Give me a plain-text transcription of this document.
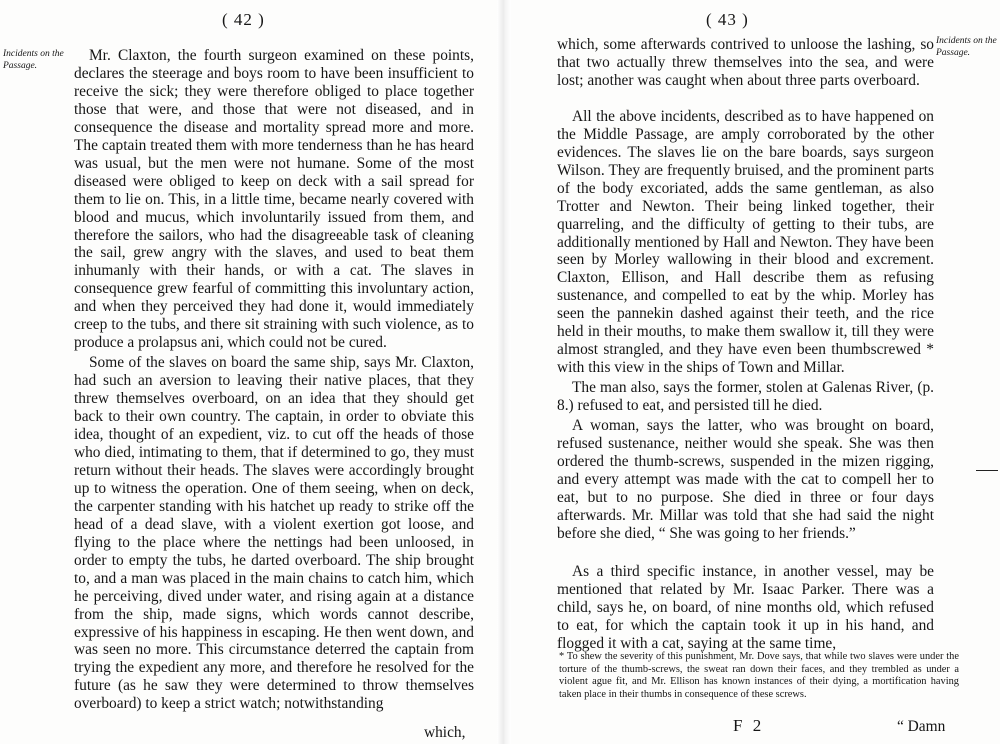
( 42 )
Incidents on the Passage.

Mr. Claxton, the fourth surgeon examined on these points, declares the steerage and boys room to have been insufficient to receive the sick; they were therefore obliged to place together those that were, and those that were not diseased, and in consequence the disease and mortality spread more and more. The captain treated them with more tenderness than he has heard was usual, but the men were not humane. Some of the most diseased were obliged to keep on deck with a sail spread for them to lie on. This, in a little time, became nearly covered with blood and mucus, which involuntarily issued from them, and therefore the sailors, who had the disagreeable task of cleaning the sail, grew angry with the slaves, and used to beat them inhumanly with their hands, or with a cat. The slaves in consequence grew fearful of committing this involuntary action, and when they perceived they had done it, would immediately creep to the tubs, and there sit straining with such violence, as to produce a prolapsus ani, which could not be cured.

Some of the slaves on board the same ship, says Mr. Claxton, had such an aversion to leaving their native places, that they threw themselves overboard, on an idea that they should get back to their own country. The captain, in order to obviate this idea, thought of an expedient, viz. to cut off the heads of those who died, intimating to them, that if determined to go, they must return without their heads. The slaves were accordingly brought up to witness the operation. One of them seeing, when on deck, the carpenter standing with his hatchet up ready to strike off the head of a dead slave, with a violent exertion got loose, and flying to the place where the nettings had been unloosed, in order to empty the tubs, he darted overboard. The ship brought to, and a man was placed in the main chains to catch him, which he perceiving, dived under water, and rising again at a distance from the ship, made signs, which words cannot describe, expressive of his happiness in escaping. He then went down, and was seen no more. This circumstance deterred the captain from trying the expedient any more, and therefore he resolved for the future (as he saw they were determined to throw themselves overboard) to keep a strict watch; notwithstanding

which,
( 43 )
Incidents on the Passage.

which, some afterwards contrived to unloose the lashing, so that two actually threw themselves into the sea, and were lost; another was caught when about three parts overboard.

All the above incidents, described as to have happened on the Middle Passage, are amply corroborated by the other evidences. The slaves lie on the bare boards, says surgeon Wilson. They are frequently bruised, and the prominent parts of the body excoriated, adds the same gentleman, as also Trotter and Newton. Their being linked together, their quarreling, and the difficulty of getting to their tubs, are additionally mentioned by Hall and Newton. They have been seen by Morley wallowing in their blood and excrement. Claxton, Ellison, and Hall describe them as refusing sustenance, and compelled to eat by the whip. Morley has seen the pannekin dashed against their teeth, and the rice held in their mouths, to make them swallow it, till they were almost strangled, and they have even been thumbscrewed * with this view in the ships of Town and Millar.

The man also, says the former, stolen at Galenas River, (p. 8.) refused to eat, and persisted till he died.

A woman, says the latter, who was brought on board, refused sustenance, neither would she speak. She was then ordered the thumb-screws, suspended in the mizen rigging, and every attempt was made with the cat to compell her to eat, but to no purpose. She died in three or four days afterwards. Mr. Millar was told that she had said the night before she died, “ She was going to her friends.”

As a third specific instance, in another vessel, may be mentioned that related by Mr. Isaac Parker. There was a child, says he, on board, of nine months old, which refused to eat, for which the captain took it up in his hand, and flogged it with a cat, saying at the same time,

* To shew the severity of this punishment, Mr. Dove says, that while two slaves were under the torture of the thumb-screws, the sweat ran down their faces, and they trembled as under a violent ague fit, and Mr. Ellison has known instances of their dying, a mortification having taken place in their thumbs in consequence of these screws.

F 2	“ Damn
